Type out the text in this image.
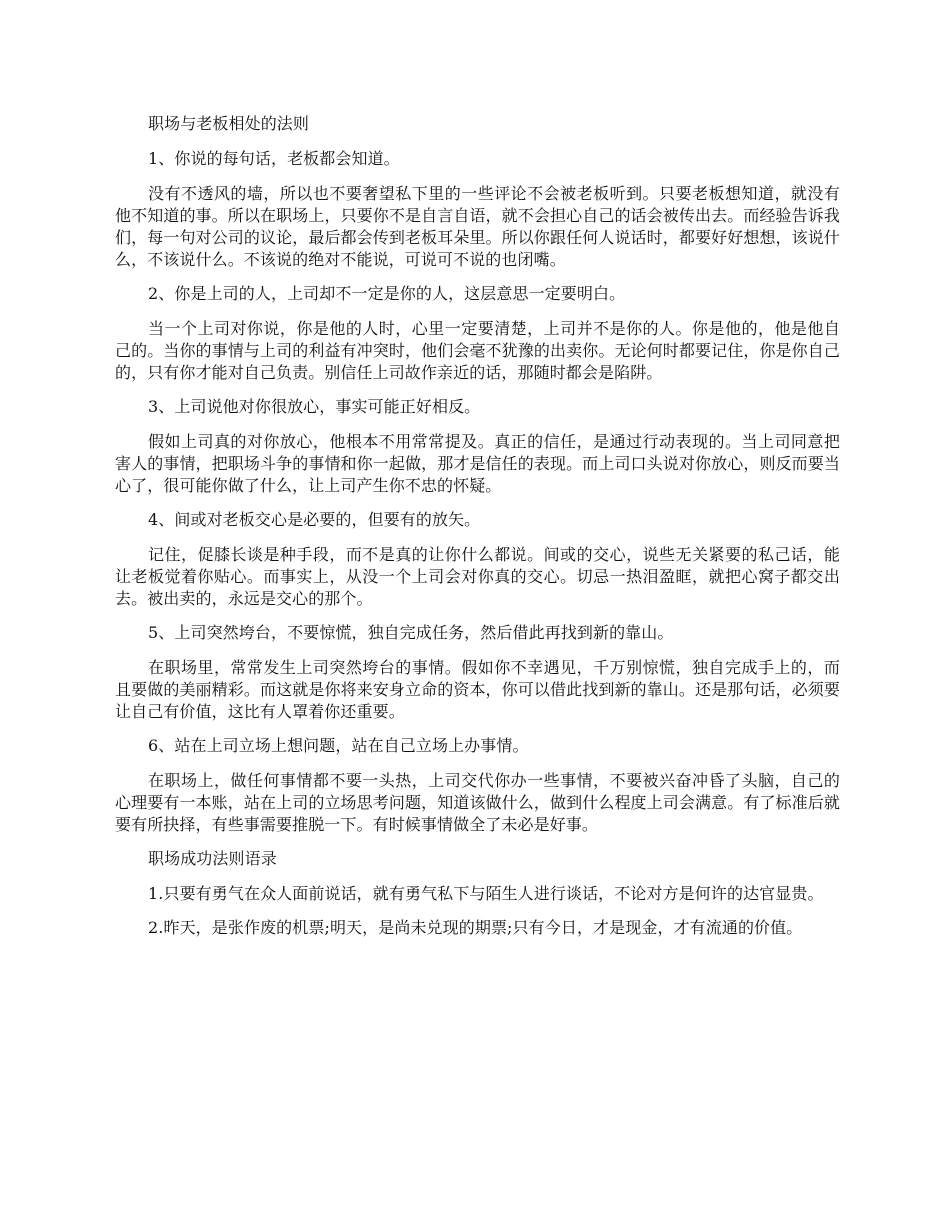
职场与老板相处的法则

1、你说的每句话，老板都会知道。

没有不透风的墙，所以也不要奢望私下里的一些评论不会被老板听到。只要老板想知道，就没有他不知道的事。所以在职场上，只要你不是自言自语，就不会担心自己的话会被传出去。而经验告诉我们，每一句对公司的议论，最后都会传到老板耳朵里。所以你跟任何人说话时，都要好好想想，该说什么，不该说什么。不该说的绝对不能说，可说可不说的也闭嘴。

2、你是上司的人，上司却不一定是你的人，这层意思一定要明白。

当一个上司对你说，你是他的人时，心里一定要清楚，上司并不是你的人。你是他的，他是他自己的。当你的事情与上司的利益有冲突时，他们会毫不犹豫的出卖你。无论何时都要记住，你是你自己的，只有你才能对自己负责。别信任上司故作亲近的话，那随时都会是陷阱。

3、上司说他对你很放心，事实可能正好相反。

假如上司真的对你放心，他根本不用常常提及。真正的信任，是通过行动表现的。当上司同意把害人的事情，把职场斗争的事情和你一起做，那才是信任的表现。而上司口头说对你放心，则反而要当心了，很可能你做了什么，让上司产生你不忠的怀疑。

4、间或对老板交心是必要的，但要有的放矢。

记住，促膝长谈是种手段，而不是真的让你什么都说。间或的交心，说些无关紧要的私己话，能让老板觉着你贴心。而事实上，从没一个上司会对你真的交心。切忌一热泪盈眶，就把心窝子都交出去。被出卖的，永远是交心的那个。

5、上司突然垮台，不要惊慌，独自完成任务，然后借此再找到新的靠山。

在职场里，常常发生上司突然垮台的事情。假如你不幸遇见，千万别惊慌，独自完成手上的，而且要做的美丽精彩。而这就是你将来安身立命的资本，你可以借此找到新的靠山。还是那句话，必须要让自己有价值，这比有人罩着你还重要。

6、站在上司立场上想问题，站在自己立场上办事情。

在职场上，做任何事情都不要一头热，上司交代你办一些事情，不要被兴奋冲昏了头脑，自己的心理要有一本账，站在上司的立场思考问题，知道该做什么，做到什么程度上司会满意。有了标准后就要有所抉择，有些事需要推脱一下。有时候事情做全了未必是好事。

职场成功法则语录

1.只要有勇气在众人面前说话，就有勇气私下与陌生人进行谈话，不论对方是何许的达官显贵。

2.昨天，是张作废的机票;明天，是尚未兑现的期票;只有今日，才是现金，才有流通的价值。
